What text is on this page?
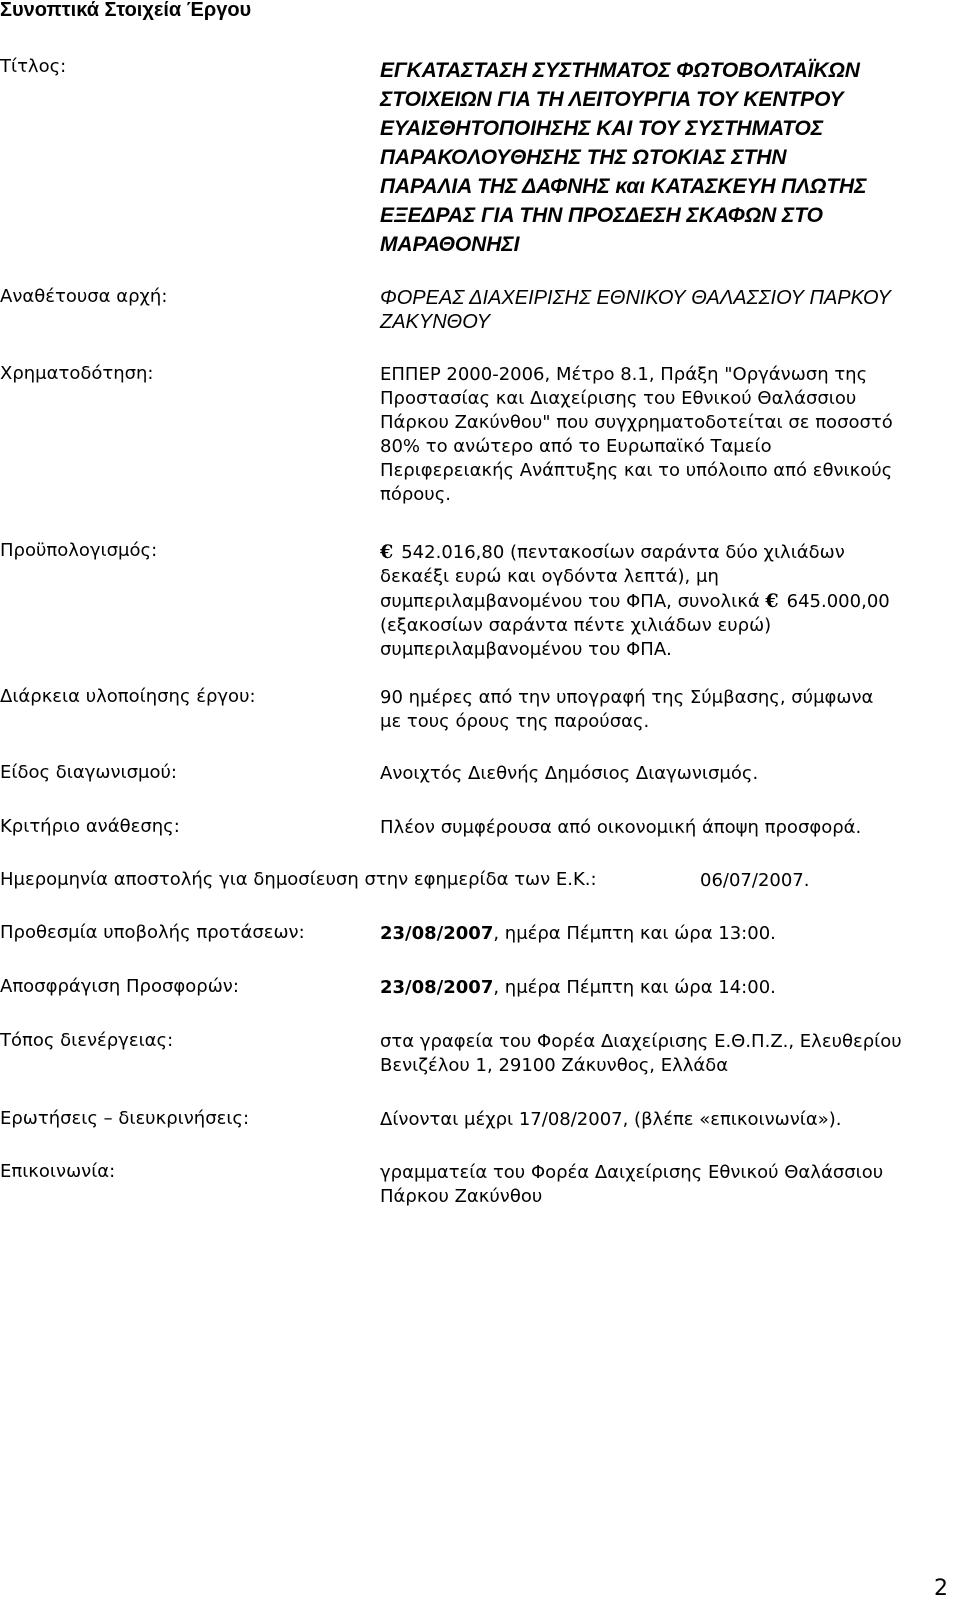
Συνοπτικά Στοιχεία Έργου
Τίτλος:	ΕΓΚΑΤΑΣΤΑΣΗ ΣΥΣΤΗΜΑΤΟΣ ΦΩΤΟΒΟΛΤΑΪΚΩΝ
ΣΤΟΙΧΕΙΩΝ ΓΙΑ ΤΗ ΛΕΙΤΟΥΡΓΙΑ ΤΟΥ ΚΕΝΤΡΟΥ
ΕΥΑΙΣΘΗΤΟΠΟΙΗΣΗΣ ΚΑΙ ΤΟΥ ΣΥΣΤΗΜΑΤΟΣ
ΠΑΡΑΚΟΛΟΥΘΗΣΗΣ ΤΗΣ ΩΤΟΚΙΑΣ ΣΤΗΝ
ΠΑΡΑΛΙΑ ΤΗΣ ΔΑΦΝΗΣ και ΚΑΤΑΣΚΕΥΗ ΠΛΩΤΗΣ
ΕΞΕΔΡΑΣ ΓΙΑ ΤΗΝ ΠΡΟΣΔΕΣΗ ΣΚΑΦΩΝ ΣΤΟ
ΜΑΡΑΘΟΝΗΣΙ
Αναθέτουσα αρχή:	ΦΟΡΕΑΣ ΔΙΑΧΕΙΡΙΣΗΣ ΕΘΝΙΚΟΥ ΘΑΛΑΣΣΙΟΥ ΠΑΡΚΟΥ
ΖΑΚΥΝΘΟΥ
Χρηματοδότηση:	ΕΠΠΕΡ 2000-2006, Μέτρο 8.1, Πράξη "Οργάνωση της
Προστασίας και Διαχείρισης του Εθνικού Θαλάσσιου
Πάρκου Ζακύνθου" που συγχρηματοδοτείται σε ποσοστό
80% το ανώτερο από το Ευρωπαϊκό Ταμείο
Περιφερειακής Ανάπτυξης και το υπόλοιπο από εθνικούς
πόρους.
Προϋπολογισμός:	€ 542.016,80 (πεντακοσίων σαράντα δύο χιλιάδων
δεκαέξι ευρώ και ογδόντα λεπτά), μη
συμπεριλαμβανομένου του ΦΠΑ, συνολικά € 645.000,00
(εξακοσίων σαράντα πέντε χιλιάδων ευρώ)
συμπεριλαμβανομένου του ΦΠΑ.
Διάρκεια υλοποίησης έργου:	90 ημέρες από την υπογραφή της Σύμβασης, σύμφωνα
με τους όρους της παρούσας.
Είδος διαγωνισμού:	Ανοιχτός Διεθνής Δημόσιος Διαγωνισμός.
Κριτήριο ανάθεσης:	Πλέον συμφέρουσα από οικονομική άποψη προσφορά.
Ημερομηνία αποστολής για δημοσίευση στην εφημερίδα των Ε.Κ.:	06/07/2007.
Προθεσμία υποβολής προτάσεων:	23/08/2007, ημέρα Πέμπτη και ώρα 13:00.
Αποσφράγιση Προσφορών:	23/08/2007, ημέρα Πέμπτη και ώρα 14:00.
Τόπος διενέργειας:	στα γραφεία του Φορέα Διαχείρισης Ε.Θ.Π.Ζ., Ελευθερίου
Βενιζέλου 1, 29100 Ζάκυνθος, Ελλάδα
Ερωτήσεις – διευκρινήσεις:	Δίνονται μέχρι 17/08/2007, (βλέπε «επικοινωνία»).
Επικοινωνία:	γραμματεία του Φορέα Δαιχείρισης Εθνικού Θαλάσσιου
Πάρκου Ζακύνθου
2
